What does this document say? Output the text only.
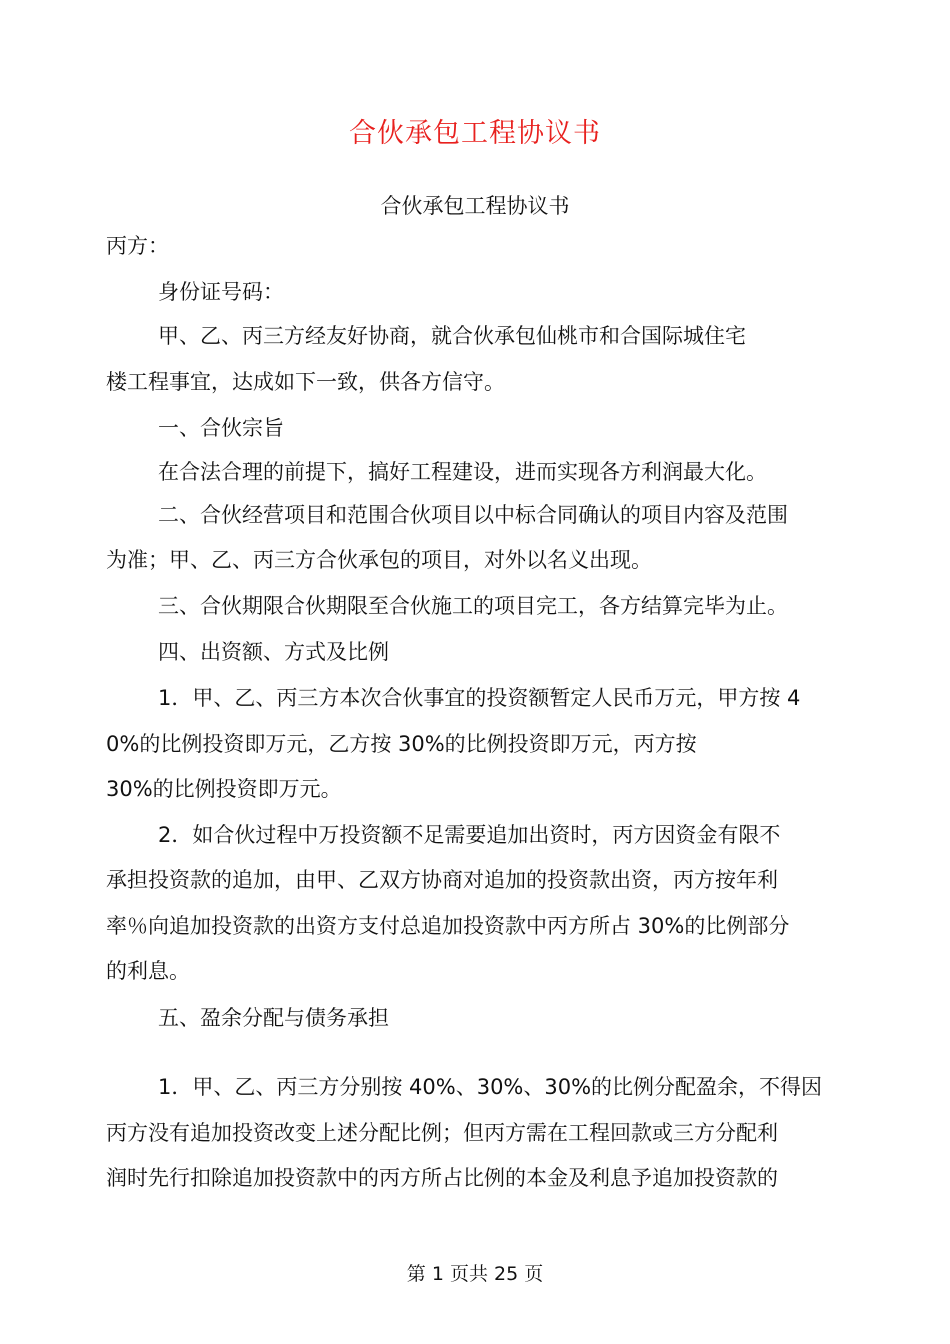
合伙承包工程协议书
合伙承包工程协议书
丙方：
身份证号码：
甲、乙、丙三方经友好协商，就合伙承包仙桃市和合国际城住宅
楼工程事宜，达成如下一致，供各方信守。
一、合伙宗旨
在合法合理的前提下，搞好工程建设，进而实现各方利润最大化。
二、合伙经营项目和范围合伙项目以中标合同确认的项目内容及范围
为准；甲、乙、丙三方合伙承包的项目，对外以名义出现。
三、合伙期限合伙期限至合伙施工的项目完工，各方结算完毕为止。
四、出资额、方式及比例
1．甲、乙、丙三方本次合伙事宜的投资额暂定人民币万元，甲方按 4
0%的比例投资即万元，乙方按 30%的比例投资即万元，丙方按
30%的比例投资即万元。
2．如合伙过程中万投资额不足需要追加出资时，丙方因资金有限不
承担投资款的追加，由甲、乙双方协商对追加的投资款出资，丙方按年利
率％向追加投资款的出资方支付总追加投资款中丙方所占 30%的比例部分
的利息。
五、盈余分配与债务承担
1．甲、乙、丙三方分别按 40%、30%、30%的比例分配盈余，不得因
丙方没有追加投资改变上述分配比例；但丙方需在工程回款或三方分配利
润时先行扣除追加投资款中的丙方所占比例的本金及利息予追加投资款的
第 1 页共 25 页
